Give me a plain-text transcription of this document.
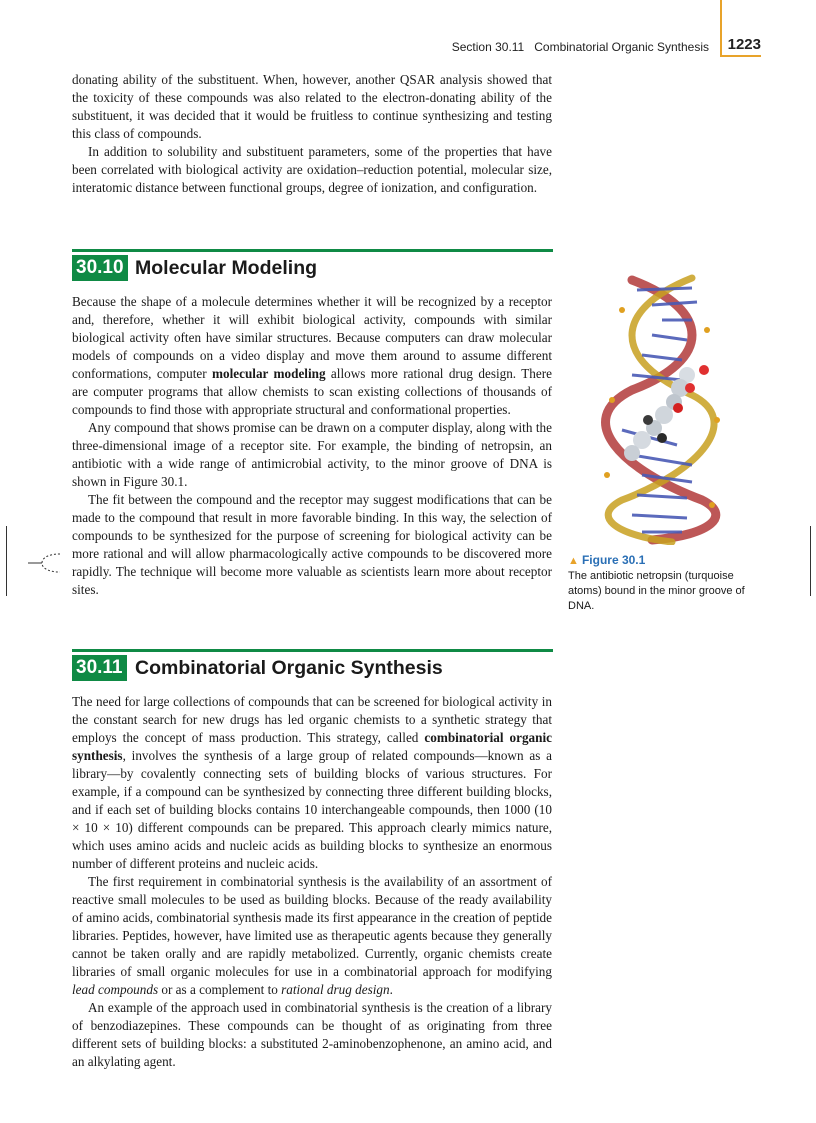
Section 30.11 Combinatorial Organic Synthesis 1223

donating ability of the substituent. When, however, another QSAR analysis showed that the toxicity of these compounds was also related to the electron-donating ability of the substituent, it was decided that it would be fruitless to continue synthesizing and testing this class of compounds.

In addition to solubility and substituent parameters, some of the properties that have been correlated with biological activity are oxidation–reduction potential, molecular size, interatomic distance between functional groups, degree of ionization, and configuration.

30.10 Molecular Modeling

Because the shape of a molecule determines whether it will be recognized by a receptor and, therefore, whether it will exhibit biological activity, compounds with similar biological activity often have similar structures. Because computers can draw molecular models of compounds on a video display and move them around to assume different conformations, computer molecular modeling allows more rational drug design. There are computer programs that allow chemists to scan existing collections of thousands of compounds to find those with appropriate structural and conformational properties.

Any compound that shows promise can be drawn on a computer display, along with the three-dimensional image of a receptor site. For example, the binding of netropsin, an antibiotic with a wide range of antimicrobial activity, to the minor groove of DNA is shown in Figure 30.1.

The fit between the compound and the receptor may suggest modifications that can be made to the compound that result in more favorable binding. In this way, the selection of compounds to be synthesized for the purpose of screening for biological activity can be more rational and will allow pharmacologically active compounds to be discovered more rapidly. The technique will become more valuable as scientists learn more about receptor sites.

▲ Figure 30.1
The antibiotic netropsin (turquoise atoms) bound in the minor groove of DNA.
30.11 Combinatorial Organic Synthesis

The need for large collections of compounds that can be screened for biological activity in the constant search for new drugs has led organic chemists to a synthetic strategy that employs the concept of mass production. This strategy, called combinatorial organic synthesis, involves the synthesis of a large group of related compounds—known as a library—by covalently connecting sets of building blocks of various structures. For example, if a compound can be synthesized by connecting three different building blocks, and if each set of building blocks contains 10 interchangeable compounds, then 1000 (10 × 10 × 10) different compounds can be prepared. This approach clearly mimics nature, which uses amino acids and nucleic acids as building blocks to synthesize an enormous number of different proteins and nucleic acids.

The first requirement in combinatorial synthesis is the availability of an assortment of reactive small molecules to be used as building blocks. Because of the ready availability of amino acids, combinatorial synthesis made its first appearance in the creation of peptide libraries. Peptides, however, have limited use as therapeutic agents because they generally cannot be taken orally and are rapidly metabolized. Currently, organic chemists create libraries of small organic molecules for use in a combinatorial approach for modifying lead compounds or as a complement to rational drug design.

An example of the approach used in combinatorial synthesis is the creation of a library of benzodiazepines. These compounds can be thought of as originating from three different sets of building blocks: a substituted 2-aminobenzophenone, an amino acid, and an alkylating agent.
